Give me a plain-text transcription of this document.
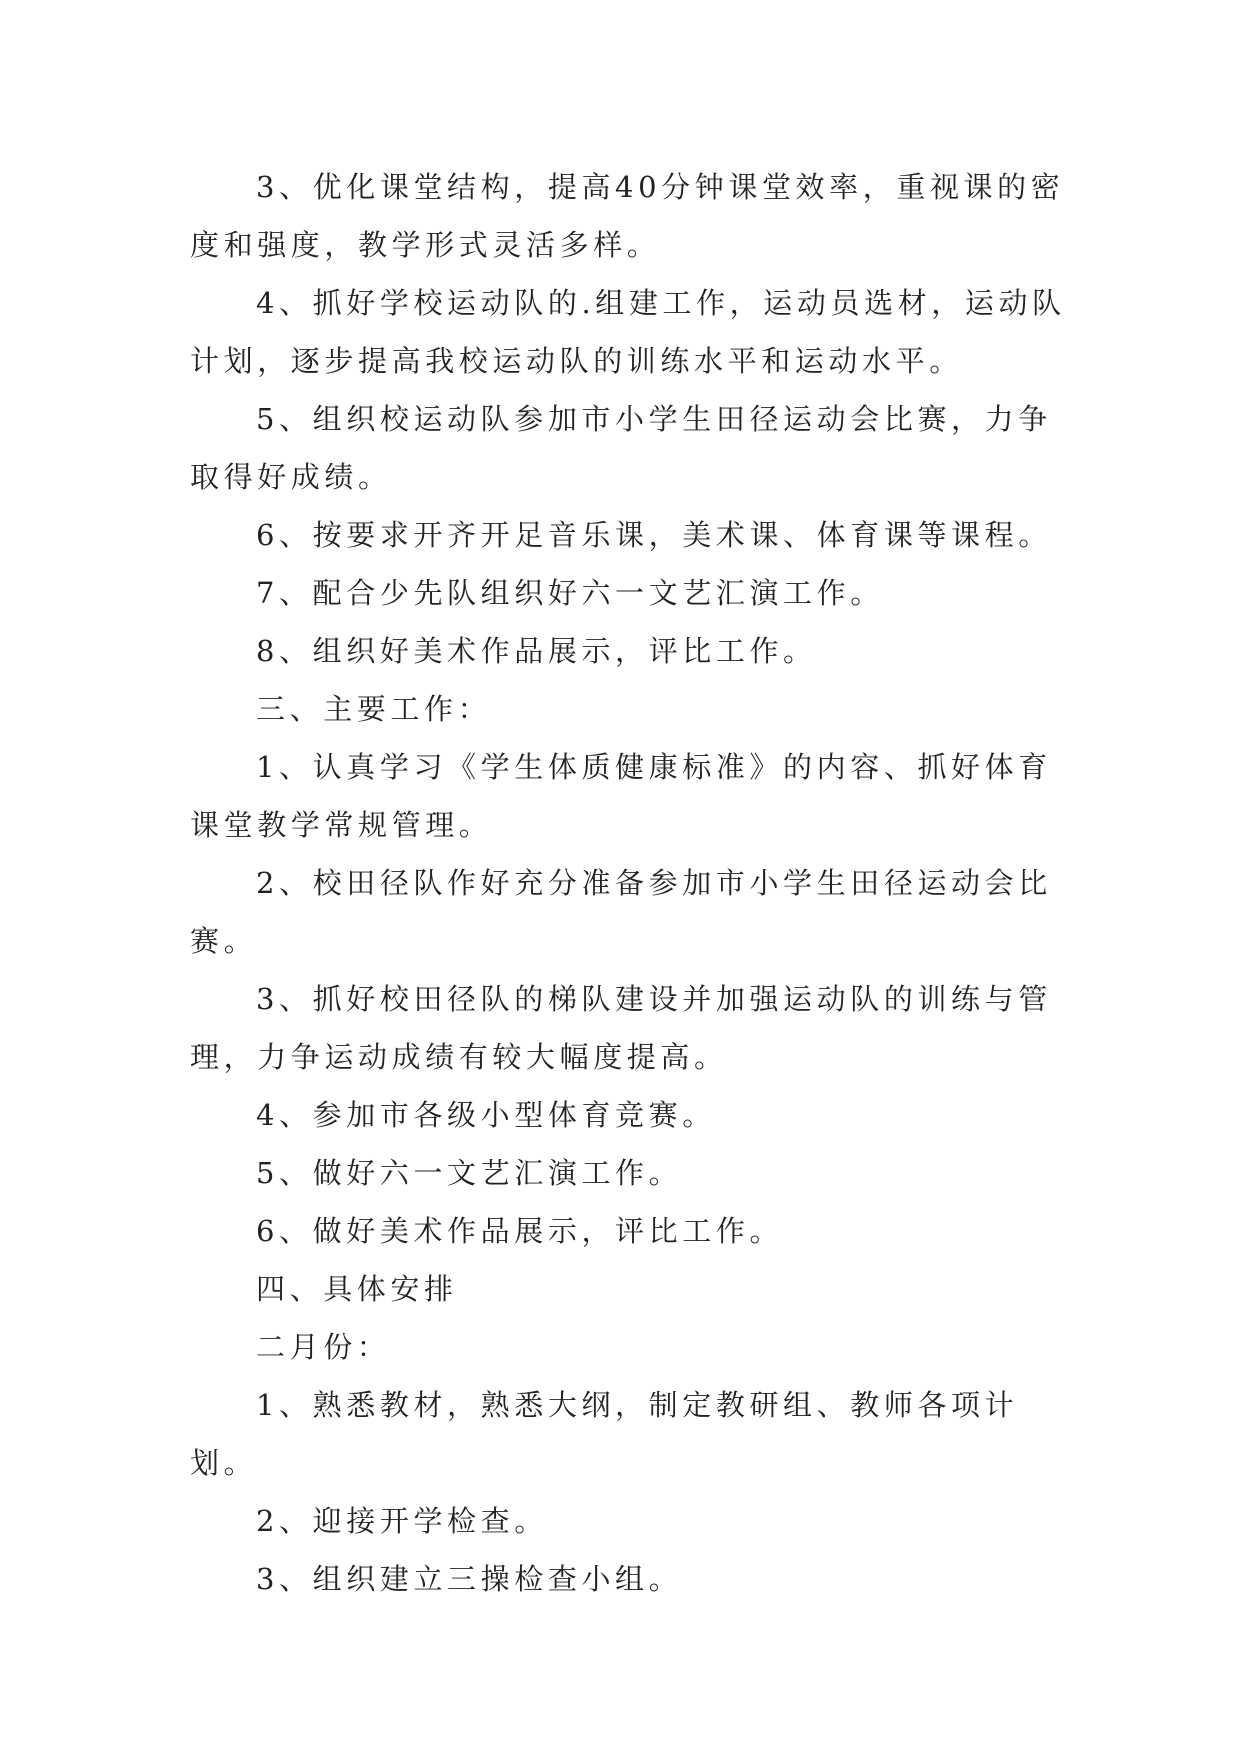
3、优化课堂结构，提高40分钟课堂效率，重视课的密度和强度，教学形式灵活多样。

4、抓好学校运动队的.组建工作，运动员选材，运动队计划，逐步提高我校运动队的训练水平和运动水平。

5、组织校运动队参加市小学生田径运动会比赛，力争取得好成绩。

6、按要求开齐开足音乐课，美术课、体育课等课程。

7、配合少先队组织好六一文艺汇演工作。

8、组织好美术作品展示，评比工作。

三、主要工作：

1、认真学习《学生体质健康标准》的内容、抓好体育课堂教学常规管理。

2、校田径队作好充分准备参加市小学生田径运动会比赛。

3、抓好校田径队的梯队建设并加强运动队的训练与管理，力争运动成绩有较大幅度提高。

4、参加市各级小型体育竞赛。

5、做好六一文艺汇演工作。

6、做好美术作品展示，评比工作。

四、具体安排

二月份：

1、熟悉教材，熟悉大纲，制定教研组、教师各项计划。

2、迎接开学检查。

3、组织建立三操检查小组。
